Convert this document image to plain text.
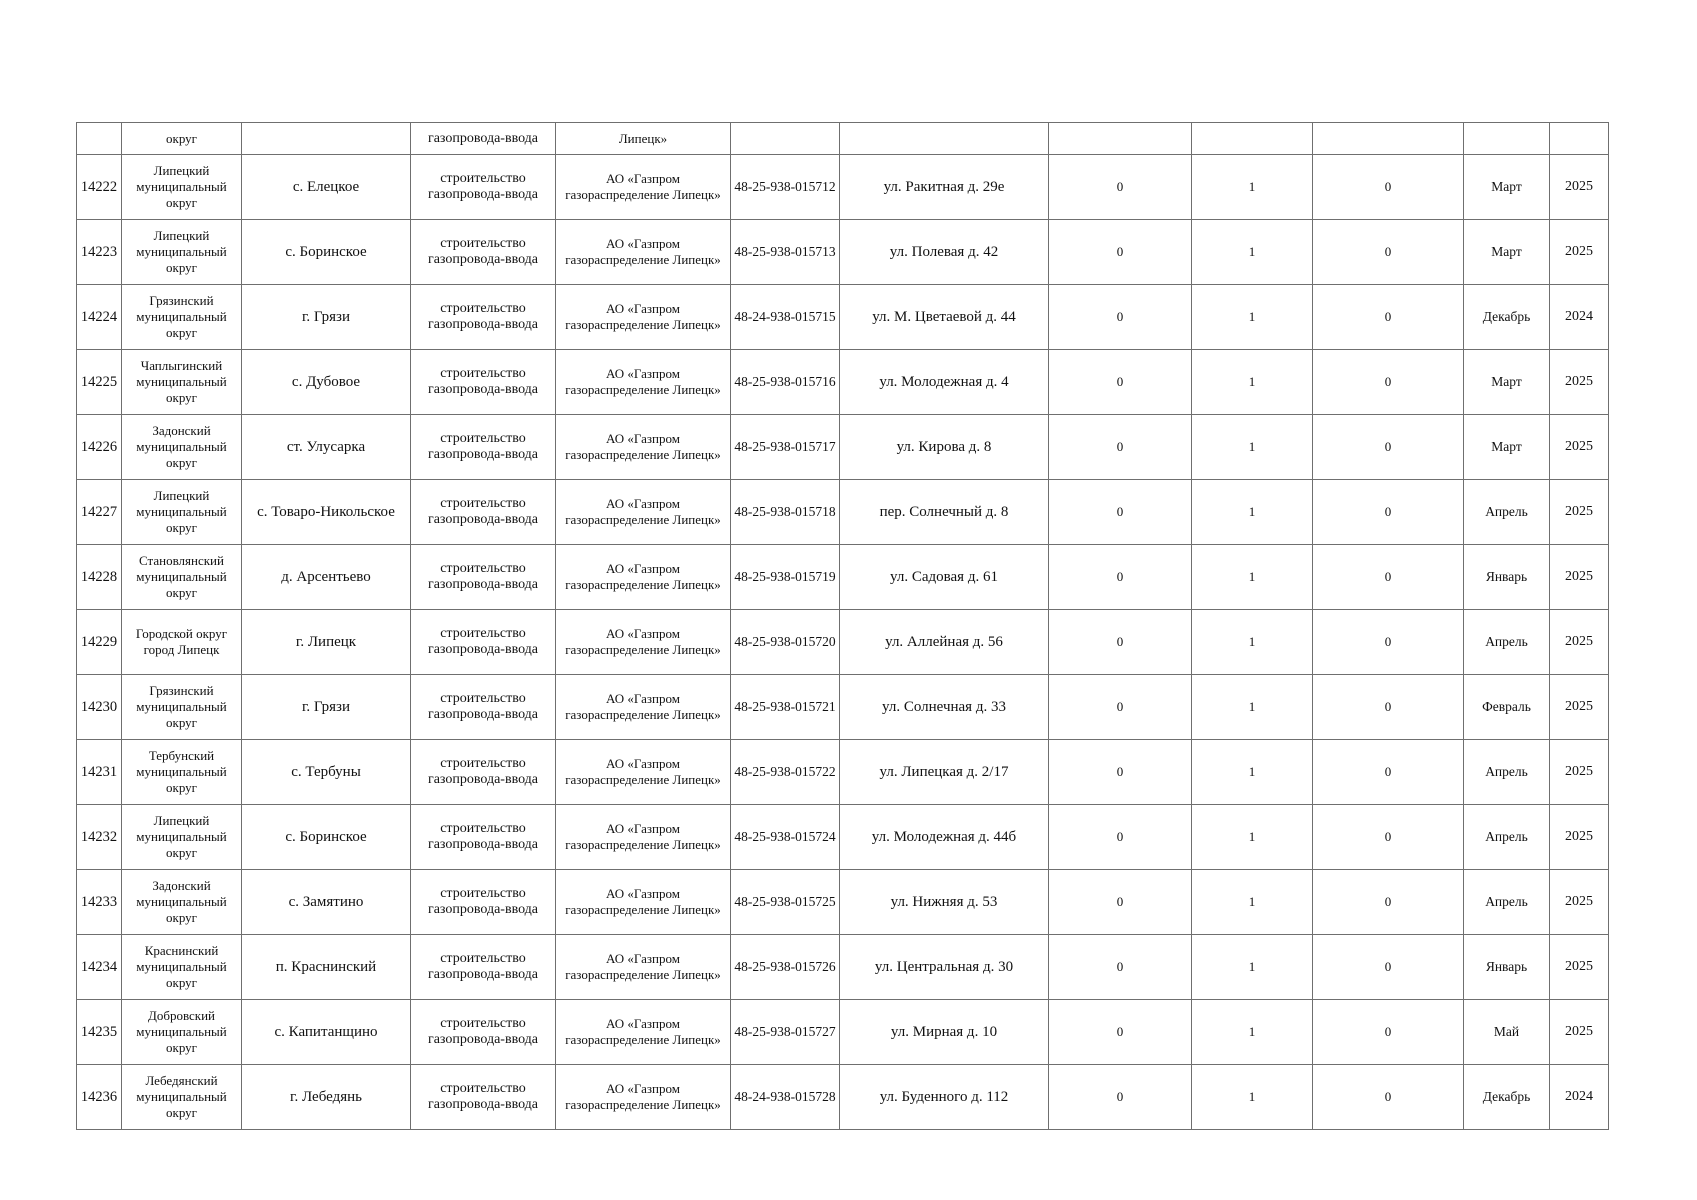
	округ		газопровода-ввода	Липецк»							
14222	Липецкий муниципальный округ	с. Елецкое	строительство газопровода-ввода	АО «Газпром газораспределение Липецк»	48-25-938-015712	ул. Ракитная д. 29е	0	1	0	Март	2025
14223	Липецкий муниципальный округ	с. Боринское	строительство газопровода-ввода	АО «Газпром газораспределение Липецк»	48-25-938-015713	ул. Полевая д. 42	0	1	0	Март	2025
14224	Грязинский муниципальный округ	г. Грязи	строительство газопровода-ввода	АО «Газпром газораспределение Липецк»	48-24-938-015715	ул. М. Цветаевой д. 44	0	1	0	Декабрь	2024
14225	Чаплыгинский муниципальный округ	с. Дубовое	строительство газопровода-ввода	АО «Газпром газораспределение Липецк»	48-25-938-015716	ул. Молодежная д. 4	0	1	0	Март	2025
14226	Задонский муниципальный округ	ст. Улусарка	строительство газопровода-ввода	АО «Газпром газораспределение Липецк»	48-25-938-015717	ул. Кирова д. 8	0	1	0	Март	2025
14227	Липецкий муниципальный округ	с. Товаро-Никольское	строительство газопровода-ввода	АО «Газпром газораспределение Липецк»	48-25-938-015718	пер. Солнечный д. 8	0	1	0	Апрель	2025
14228	Становлянский муниципальный округ	д. Арсентьево	строительство газопровода-ввода	АО «Газпром газораспределение Липецк»	48-25-938-015719	ул. Садовая д. 61	0	1	0	Январь	2025
14229	Городской округ город Липецк	г. Липецк	строительство газопровода-ввода	АО «Газпром газораспределение Липецк»	48-25-938-015720	ул. Аллейная д. 56	0	1	0	Апрель	2025
14230	Грязинский муниципальный округ	г. Грязи	строительство газопровода-ввода	АО «Газпром газораспределение Липецк»	48-25-938-015721	ул. Солнечная д. 33	0	1	0	Февраль	2025
14231	Тербунский муниципальный округ	с. Тербуны	строительство газопровода-ввода	АО «Газпром газораспределение Липецк»	48-25-938-015722	ул. Липецкая д. 2/17	0	1	0	Апрель	2025
14232	Липецкий муниципальный округ	с. Боринское	строительство газопровода-ввода	АО «Газпром газораспределение Липецк»	48-25-938-015724	ул. Молодежная д. 44б	0	1	0	Апрель	2025
14233	Задонский муниципальный округ	с. Замятино	строительство газопровода-ввода	АО «Газпром газораспределение Липецк»	48-25-938-015725	ул. Нижняя д. 53	0	1	0	Апрель	2025
14234	Краснинский муниципальный округ	п. Краснинский	строительство газопровода-ввода	АО «Газпром газораспределение Липецк»	48-25-938-015726	ул. Центральная д. 30	0	1	0	Январь	2025
14235	Добровский муниципальный округ	с. Капитанщино	строительство газопровода-ввода	АО «Газпром газораспределение Липецк»	48-25-938-015727	ул. Мирная д. 10	0	1	0	Май	2025
14236	Лебедянский муниципальный округ	г. Лебедянь	строительство газопровода-ввода	АО «Газпром газораспределение Липецк»	48-24-938-015728	ул. Буденного д. 112	0	1	0	Декабрь	2024
